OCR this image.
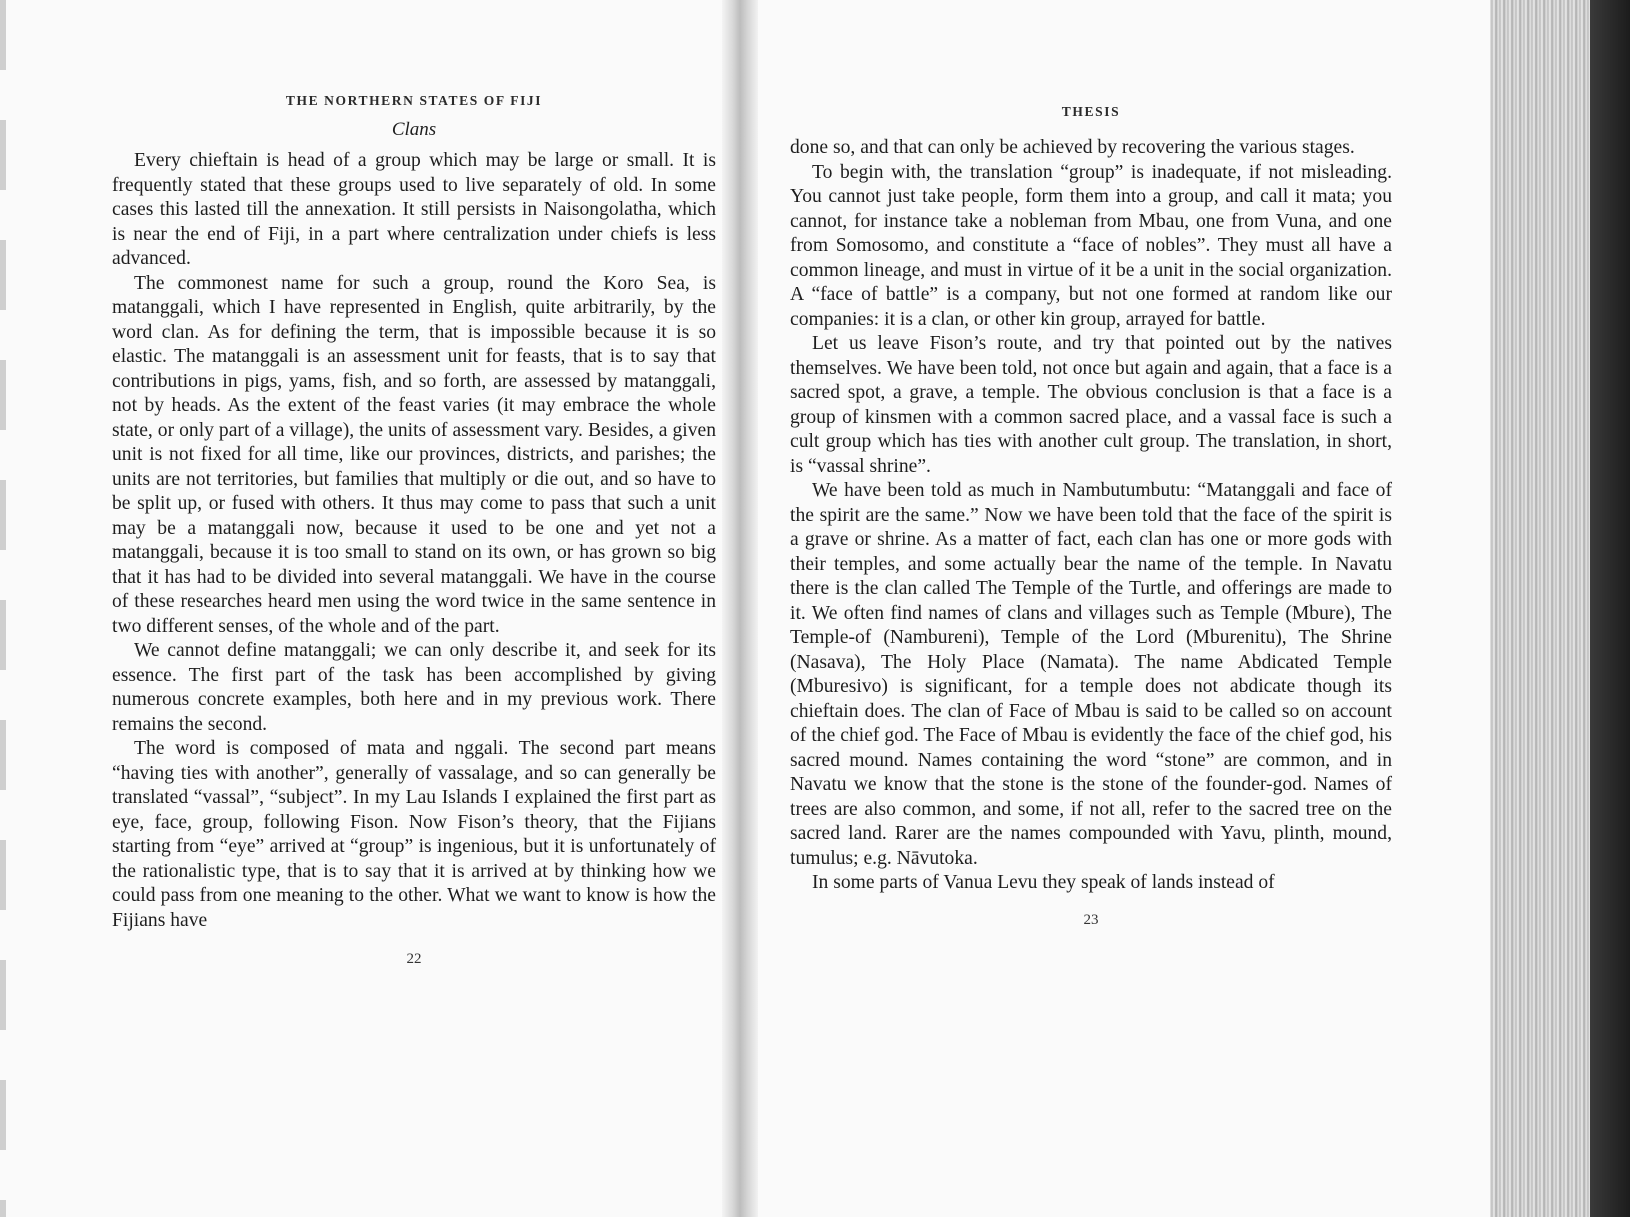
THE NORTHERN STATES OF FIJI
Clans

Every chieftain is head of a group which may be large or small. It is frequently stated that these groups used to live separately of old. In some cases this lasted till the annexation. It still persists in Naisongolatha, which is near the end of Fiji, in a part where centralization under chiefs is less advanced.

The commonest name for such a group, round the Koro Sea, is matanggali, which I have represented in English, quite arbitrarily, by the word clan. As for defining the term, that is impossible because it is so elastic. The matanggali is an assessment unit for feasts, that is to say that contributions in pigs, yams, fish, and so forth, are assessed by matanggali, not by heads. As the extent of the feast varies (it may embrace the whole state, or only part of a village), the units of assessment vary. Besides, a given unit is not fixed for all time, like our provinces, districts, and parishes; the units are not territories, but families that multiply or die out, and so have to be split up, or fused with others. It thus may come to pass that such a unit may be a matanggali now, because it used to be one and yet not a matanggali, because it is too small to stand on its own, or has grown so big that it has had to be divided into several matanggali. We have in the course of these researches heard men using the word twice in the same sentence in two different senses, of the whole and of the part.

We cannot define matanggali; we can only describe it, and seek for its essence. The first part of the task has been accomplished by giving numerous concrete examples, both here and in my previous work. There remains the second.

The word is composed of mata and nggali. The second part means “having ties with another”, generally of vassalage, and so can generally be translated “vassal”, “subject”. In my Lau Islands I explained the first part as eye, face, group, following Fison. Now Fison’s theory, that the Fijians starting from “eye” arrived at “group” is ingenious, but it is unfortunately of the rationalistic type, that is to say that it is arrived at by thinking how we could pass from one meaning to the other. What we want to know is how the Fijians have

22
THESIS

done so, and that can only be achieved by recovering the various stages.

To begin with, the translation “group” is inadequate, if not misleading. You cannot just take people, form them into a group, and call it mata; you cannot, for instance take a nobleman from Mbau, one from Vuna, and one from Somosomo, and constitute a “face of nobles”. They must all have a common lineage, and must in virtue of it be a unit in the social organization. A “face of battle” is a company, but not one formed at random like our companies: it is a clan, or other kin group, arrayed for battle.

Let us leave Fison’s route, and try that pointed out by the natives themselves. We have been told, not once but again and again, that a face is a sacred spot, a grave, a temple. The obvious conclusion is that a face is a group of kinsmen with a common sacred place, and a vassal face is such a cult group which has ties with another cult group. The translation, in short, is “vassal shrine”.

We have been told as much in Nambutumbutu: “Matanggali and face of the spirit are the same.” Now we have been told that the face of the spirit is a grave or shrine. As a matter of fact, each clan has one or more gods with their temples, and some actually bear the name of the temple. In Navatu there is the clan called The Temple of the Turtle, and offerings are made to it. We often find names of clans and villages such as Temple (Mbure), The Temple-of (Nambureni), Temple of the Lord (Mburenitu), The Shrine (Nasava), The Holy Place (Namata). The name Abdicated Temple (Mburesivo) is significant, for a temple does not abdicate though its chieftain does. The clan of Face of Mbau is said to be called so on account of the chief god. The Face of Mbau is evidently the face of the chief god, his sacred mound. Names containing the word “stone” are common, and in Navatu we know that the stone is the stone of the founder-god. Names of trees are also common, and some, if not all, refer to the sacred tree on the sacred land. Rarer are the names compounded with Yavu, plinth, mound, tumulus; e.g. Nāvutoka.

In some parts of Vanua Levu they speak of lands instead of

23
